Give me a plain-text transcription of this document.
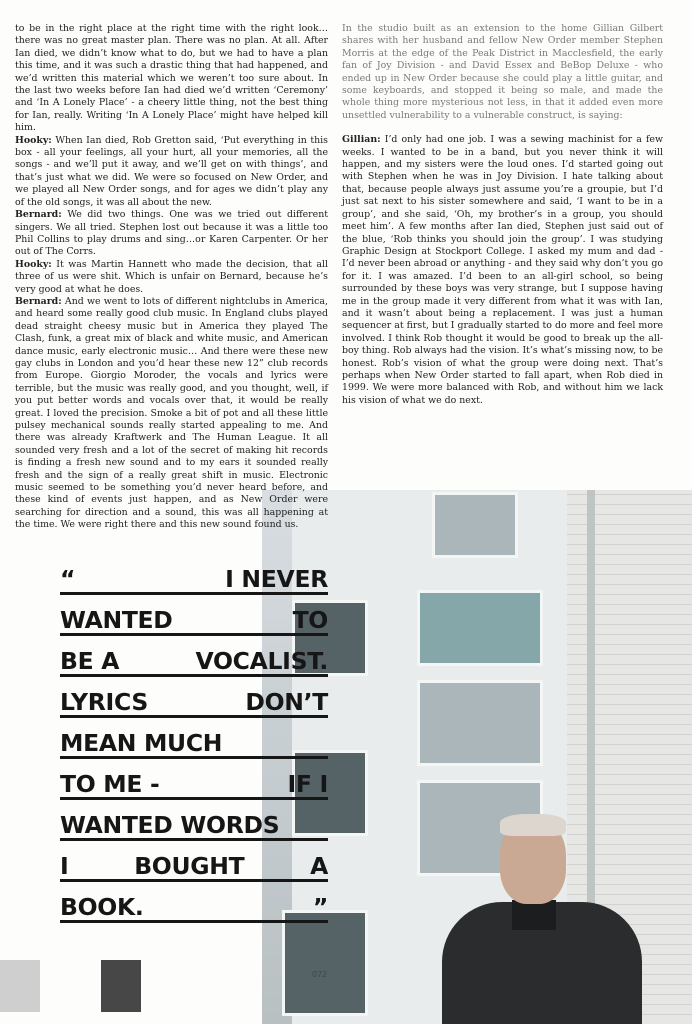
to be in the right place at the right time with the right look…there was no great master plan. There was no plan. At all. After Ian died, we didn’t know what to do, but we had to have a plan this time, and it was such a drastic thing that had happened, and we’d written this material which we weren’t too sure about. In the last two weeks before Ian had died we’d written ‘Ceremony’ and ‘In A Lonely Place’ - a cheery little thing, not the best thing for Ian, really. Writing ‘In A Lonely Place’ might have helped kill him.

Hooky: When Ian died, Rob Gretton said, ‘Put everything in this box - all your feelings, all your hurt, all your memories, all the songs - and we’ll put it away, and we’ll get on with things’, and that’s just what we did. We were so focused on New Order, and we played all New Order songs, and for ages we didn’t play any of the old songs, it was all about the new.

Bernard: We did two things. One was we tried out different singers. We all tried. Stephen lost out because it was a little too Phil Collins to play drums and sing…or Karen Carpenter. Or her out of The Corrs.

Hooky: It was Martin Hannett who made the decision, that all three of us were shit. Which is unfair on Bernard, because he’s very good at what he does.

Bernard: And we went to lots of different nightclubs in America, and heard some really good club music. In England clubs played dead straight cheesy music but in America they played The Clash, funk, a great mix of black and white music, and American dance music, early electronic music… And there were these new gay clubs in London and you’d hear these new 12” club records from Europe. Giorgio Moroder, the vocals and lyrics were terrible, but the music was really good, and you thought, well, if you put better words and vocals over that, it would be really great. I loved the precision. Smoke a bit of pot and all these little pulsey mechanical sounds really started appealing to me. And there was already Kraftwerk and The Human League. It all sounded very fresh and a lot of the secret of making hit records is finding a fresh new sound and to my ears it sounded really fresh and the sign of a really great shift in music. Electronic music seemed to be something you’d never heard before, and these kind of events just happen, and as New Order were searching for direction and a sound, this was all happening at the time. We were right there and this new sound found us.

In the studio built as an extension to the home Gillian Gilbert shares with her husband and fellow New Order member Stephen Morris at the edge of the Peak District in Macclesfield, the early fan of Joy Division - and David Essex and BeBop Deluxe - who ended up in New Order because she could play a little guitar, and some keyboards, and stopped it being so male, and made the whole thing more mysterious not less, in that it added even more unsettled vulnerability to a vulnerable construct, is saying:

Gillian: I’d only had one job. I was a sewing machinist for a few weeks. I wanted to be in a band, but you never think it will happen, and my sisters were the loud ones. I’d started going out with Stephen when he was in Joy Division. I hate talking about that, because people always just assume you’re a groupie, but I’d just sat next to his sister somewhere and said, ‘I want to be in a group’, and she said, ‘Oh, my brother’s in a group, you should meet him’. A few months after Ian died, Stephen just said out of the blue, ‘Rob thinks you should join the group’. I was studying Graphic Design at Stockport College. I asked my mum and dad - I’d never been abroad or anything - and they said why don’t you go for it. I was amazed. I’d been to an all-girl school, so being surrounded by these boys was very strange, but I suppose having me in the group made it very different from what it was with Ian, and it wasn’t about being a replacement. I was just a human sequencer at first, but I gradually started to do more and feel more involved. I think Rob thought it would be good to break up the all-boy thing. Rob always had the vision. It’s what’s missing now, to be honest. Rob’s vision of what the group were doing next. That’s perhaps when New Order started to fall apart, when Rob died in 1999. We were more balanced with Rob, and without him we lack his vision of what we do next.

“	I NEVER
WANTED	TO
BE A	VOCALIST.
LYRICS	DON’T
MEAN MUCH
TO ME -	IF I
WANTED WORDS
I	BOUGHT	A
BOOK.	”
072
